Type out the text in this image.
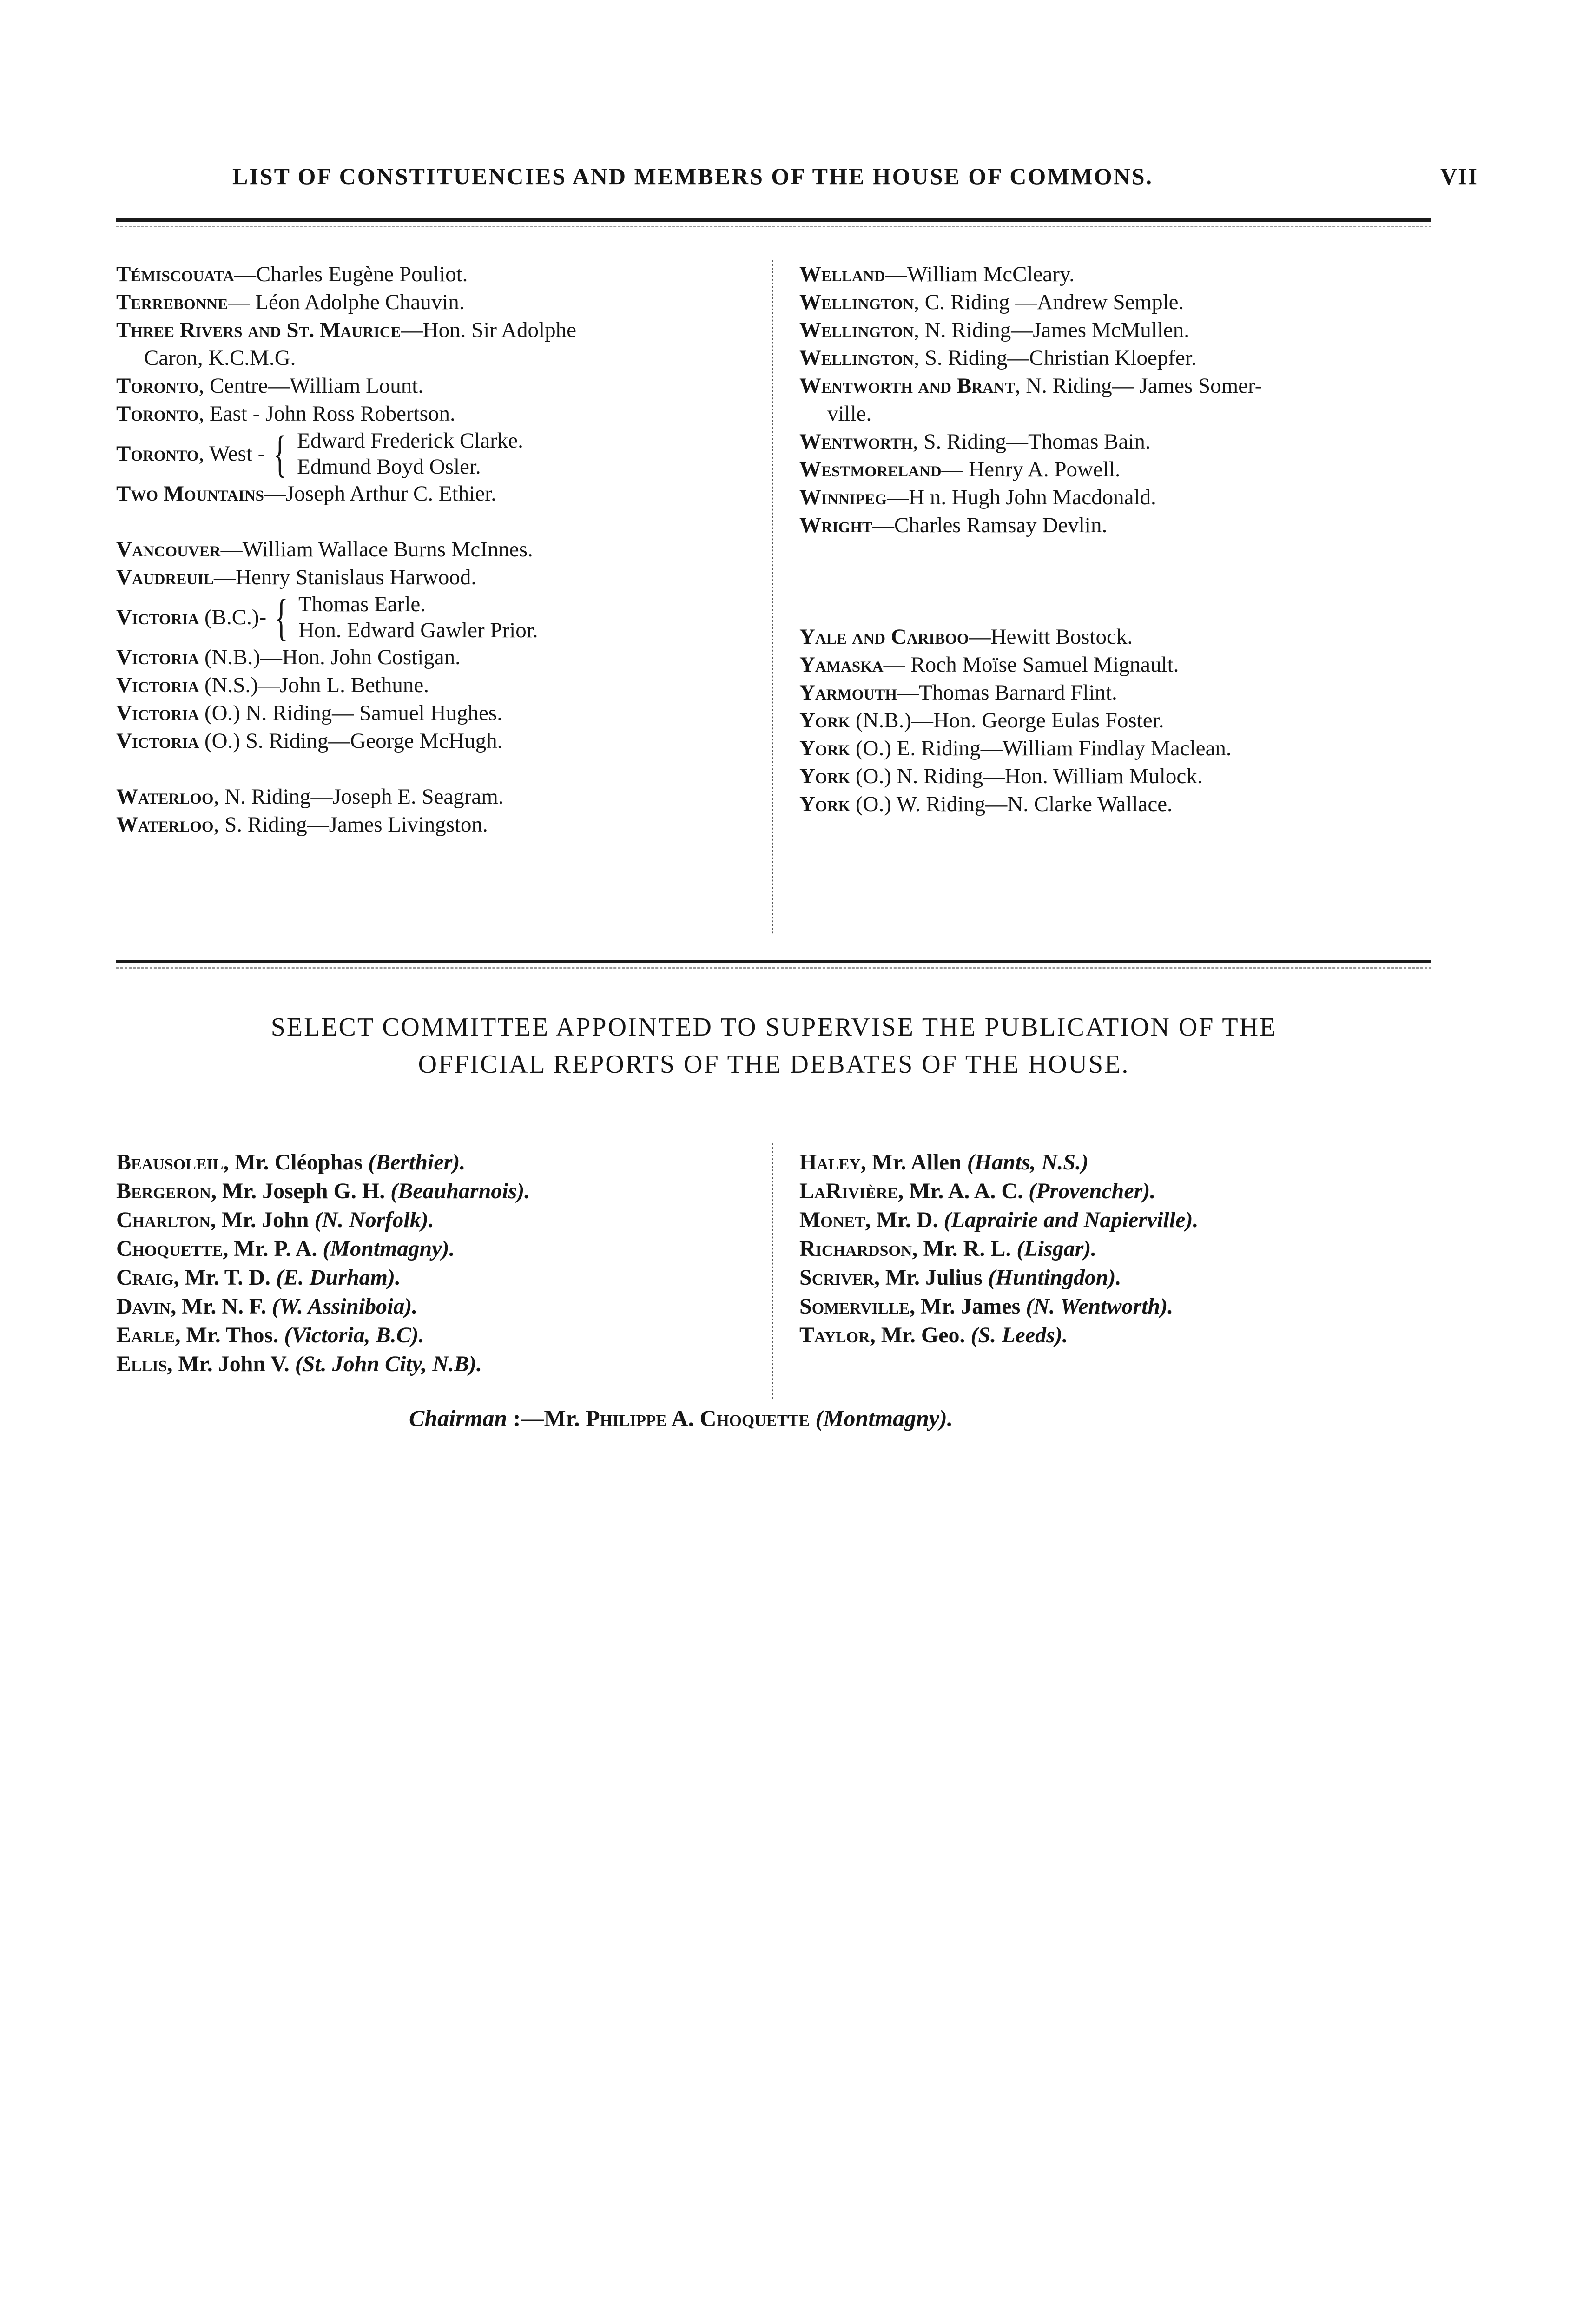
LIST OF CONSTITUENCIES AND MEMBERS OF THE HOUSE OF COMMONS.	VII
Témiscouata—Charles Eugène Pouliot.
Terrebonne— Léon Adolphe Chauvin.
Three Rivers and St. Maurice—Hon. Sir Adolphe
Caron, K.C.M.G.
Toronto, Centre—William Lount.
Toronto, East - John Ross Robertson.
Toronto, West - { Edward Frederick Clarke.
Edmund Boyd Osler.
Two Mountains—Joseph Arthur C. Ethier.
Vancouver—William Wallace Burns McInnes.
Vaudreuil—Henry Stanislaus Harwood.
Victoria (B.C.)- { Thomas Earle.
Hon. Edward Gawler Prior.
Victoria (N.B.)—Hon. John Costigan.
Victoria (N.S.)—John L. Bethune.
Victoria (O.) N. Riding— Samuel Hughes.
Victoria (O.) S. Riding—George McHugh.
Waterloo, N. Riding—Joseph E. Seagram.
Waterloo, S. Riding—James Livingston.
Welland—William McCleary.
Wellington, C. Riding —Andrew Semple.
Wellington, N. Riding—James McMullen.
Wellington, S. Riding—Christian Kloepfer.
Wentworth and Brant, N. Riding— James Somer-
ville.
Wentworth, S. Riding—Thomas Bain.
Westmoreland— Henry A. Powell.
Winnipeg—H n. Hugh John Macdonald.
Wright—Charles Ramsay Devlin.
Yale and Cariboo—Hewitt Bostock.
Yamaska— Roch Moïse Samuel Mignault.
Yarmouth—Thomas Barnard Flint.
York (N.B.)—Hon. George Eulas Foster.
York (O.) E. Riding—William Findlay Maclean.
York (O.) N. Riding—Hon. William Mulock.
York (O.) W. Riding—N. Clarke Wallace.
SELECT COMMITTEE APPOINTED TO SUPERVISE THE PUBLICATION OF THE
OFFICIAL REPORTS OF THE DEBATES OF THE HOUSE.
Beausoleil, Mr. Cléophas (Berthier).
Bergeron, Mr. Joseph G. H. (Beauharnois).
Charlton, Mr. John (N. Norfolk).
Choquette, Mr. P. A. (Montmagny).
Craig, Mr. T. D. (E. Durham).
Davin, Mr. N. F. (W. Assiniboia).
Earle, Mr. Thos. (Victoria, B.C).
Ellis, Mr. John V. (St. John City, N.B).
Haley, Mr. Allen (Hants, N.S.)
LaRivière, Mr. A. A. C. (Provencher).
Monet, Mr. D. (Laprairie and Napierville).
Richardson, Mr. R. L. (Lisgar).
Scriver, Mr. Julius (Huntingdon).
Somerville, Mr. James (N. Wentworth).
Taylor, Mr. Geo. (S. Leeds).
Chairman :—Mr. Philippe A. Choquette (Montmagny).
